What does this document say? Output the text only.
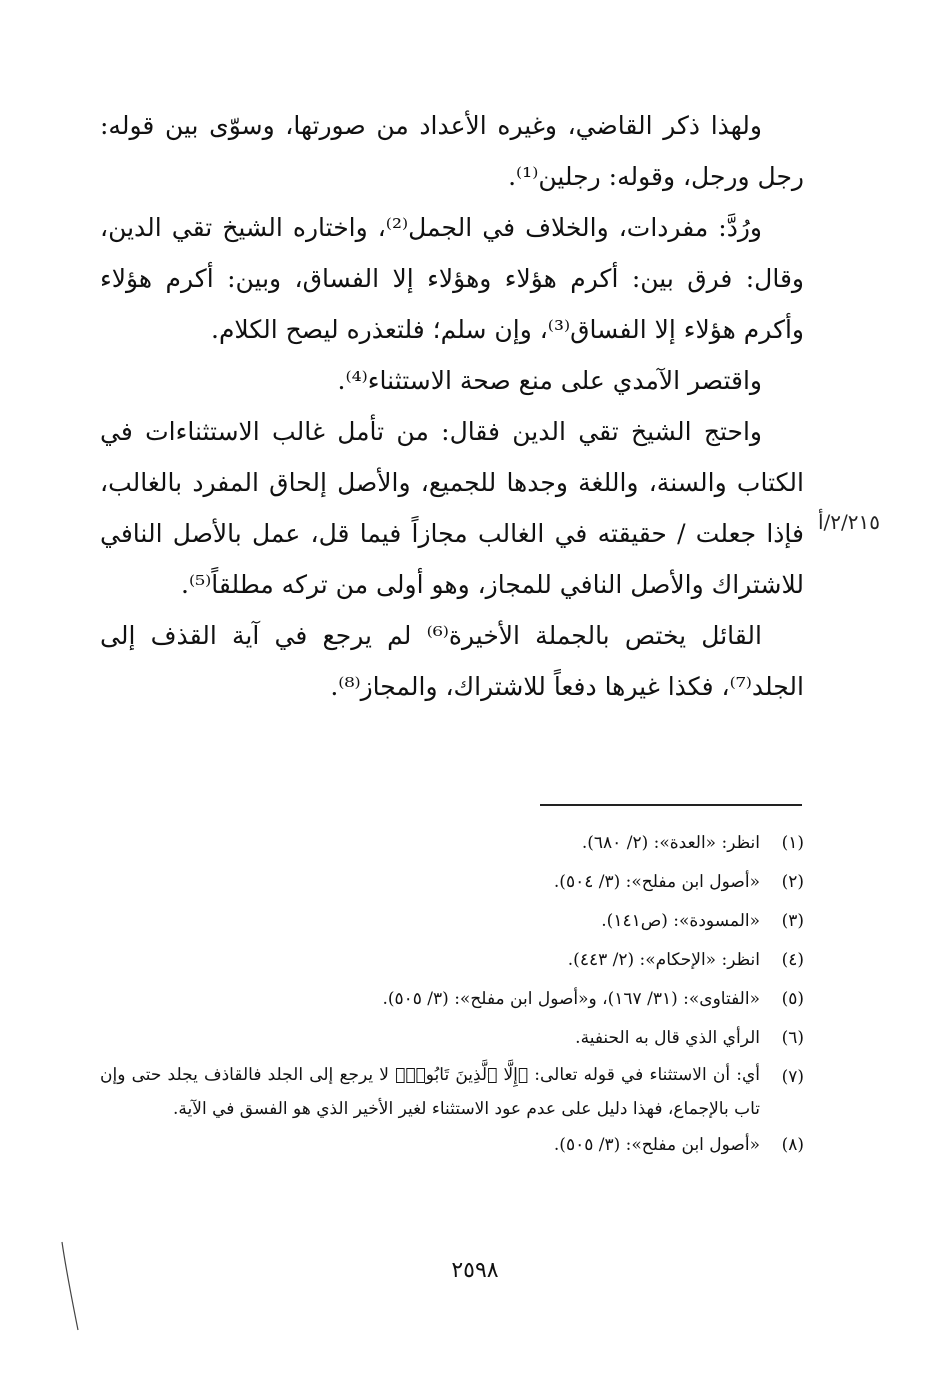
ولهذا ذكر القاضي، وغيره الأعداد من صورتها، وسوّى بين قوله: رجل ورجل، وقوله: رجلين⁽¹⁾.

ورُدَّ: مفردات، والخلاف في الجمل⁽²⁾، واختاره الشيخ تقي الدين، وقال: فرق بين: أكرم هؤلاء وهؤلاء إلا الفساق، وبين: أكرم هؤلاء وأكرم هؤلاء إلا الفساق⁽³⁾، وإن سلم؛ فلتعذره ليصح الكلام.

واقتصر الآمدي على منع صحة الاستثناء⁽⁴⁾.

واحتج الشيخ تقي الدين فقال: من تأمل غالب الاستثناءات في الكتاب والسنة، واللغة وجدها للجميع، والأصل إلحاق المفرد بالغالب، فإذا جعلت / حقيقته في الغالب مجازاً فيما قل، عمل بالأصل النافي للاشتراك والأصل النافي للمجاز، وهو أولى من تركه مطلقاً⁽⁵⁾.

القائل يختص بالجملة الأخيرة⁽⁶⁾ لم يرجع في آية القذف إلى الجلد⁽⁷⁾، فكذا غيرها دفعاً للاشتراك، والمجاز⁽⁸⁾.

٢/٢١٥/أ
(١)
انظر: «العدة»: (٢/ ٦٨٠).
(٢)
«أصول ابن مفلح»: (٣/ ٥٠٤).
(٣)
«المسودة»: (ص١٤١).
(٤)
انظر: «الإحكام»: (٢/ ٤٤٣).
(٥)
«الفتاوى»: (٣١/ ١٦٧)، و«أصول ابن مفلح»: (٣/ ٥٠٥).
(٦)
الرأي الذي قال به الحنفية.
(٧)
أي: أن الاستثناء في قوله تعالى: ﴿إِلَّا ٱلَّذِينَ تَابُوا۟﴾ لا يرجع إلى الجلد فالقاذف يجلد حتى وإن تاب بالإجماع، فهذا دليل على عدم عود الاستثناء لغير الأخير الذي هو الفسق في الآية.
(٨)
«أصول ابن مفلح»: (٣/ ٥٠٥).
٢٥٩٨
